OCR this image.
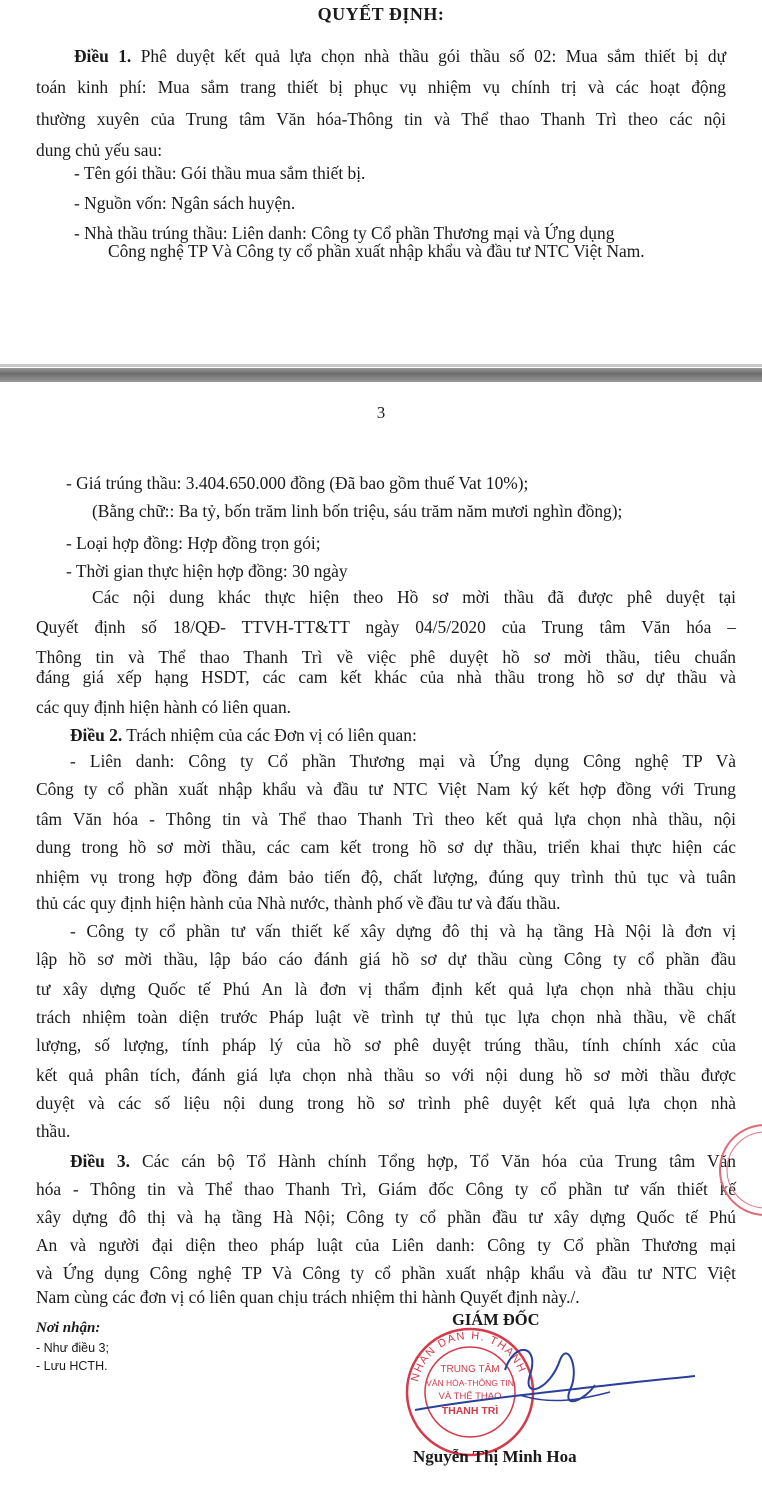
QUYẾT ĐỊNH:
Điều 1. Phê duyệt kết quả lựa chọn nhà thầu gói thầu số 02: Mua sắm thiết bị dự
toán kinh phí: Mua sắm trang thiết bị phục vụ nhiệm vụ chính trị và các hoạt động
thường xuyên của Trung tâm Văn hóa-Thông tin và Thể thao Thanh Trì theo các nội
dung chủ yếu sau:
- Tên gói thầu: Gói thầu mua sắm thiết bị.
- Nguồn vốn: Ngân sách huyện.
- Nhà thầu trúng thầu: Liên danh: Công ty Cổ phần Thương mại và Ứng dụng
Công nghệ TP Và Công ty cổ phần xuất nhập khẩu và đầu tư NTC Việt Nam.
3
- Giá trúng thầu: 3.404.650.000 đồng (Đã bao gồm thuế Vat 10%);
(Bằng chữ:: Ba tỷ, bốn trăm linh bốn triệu, sáu trăm năm mươi nghìn đồng);
- Loại hợp đồng: Hợp đồng trọn gói;
- Thời gian thực hiện hợp đồng: 30 ngày
Các nội dung khác thực hiện theo Hồ sơ mời thầu đã được phê duyệt tại
Quyết định số 18/QĐ- TTVH-TT&TT ngày 04/5/2020 của Trung tâm Văn hóa –
Thông tin và Thể thao Thanh Trì về việc phê duyệt hồ sơ mời thầu, tiêu chuẩn
đáng giá xếp hạng HSDT, các cam kết khác của nhà thầu trong hồ sơ dự thầu và
các quy định hiện hành có liên quan.
Điều 2. Trách nhiệm của các Đơn vị có liên quan:
- Liên danh: Công ty Cổ phần Thương mại và Ứng dụng Công nghệ TP Và
Công ty cổ phần xuất nhập khẩu và đầu tư NTC Việt Nam ký kết hợp đồng với Trung
tâm Văn hóa - Thông tin và Thể thao Thanh Trì theo kết quả lựa chọn nhà thầu, nội
dung trong hồ sơ mời thầu, các cam kết trong hồ sơ dự thầu, triển khai thực hiện các
nhiệm vụ trong hợp đồng đảm bảo tiến độ, chất lượng, đúng quy trình thủ tục và tuân
thủ các quy định hiện hành của Nhà nước, thành phố về đầu tư và đấu thầu.
- Công ty cổ phần tư vấn thiết kế xây dựng đô thị và hạ tầng Hà Nội là đơn vị
lập hồ sơ mời thầu, lập báo cáo đánh giá hồ sơ dự thầu cùng Công ty cổ phần đầu
tư xây dựng Quốc tế Phú An là đơn vị thẩm định kết quả lựa chọn nhà thầu chịu
trách nhiệm toàn diện trước Pháp luật về trình tự thủ tục lựa chọn nhà thầu, về chất
lượng, số lượng, tính pháp lý của hồ sơ phê duyệt trúng thầu, tính chính xác của
kết quả phân tích, đánh giá lựa chọn nhà thầu so với nội dung hồ sơ mời thầu được
duyệt và các số liệu nội dung trong hồ sơ trình phê duyệt kết quả lựa chọn nhà
thầu.
Điều 3. Các cán bộ Tổ Hành chính Tổng hợp, Tổ Văn hóa của Trung tâm Văn
hóa - Thông tin và Thể thao Thanh Trì, Giám đốc Công ty cổ phần tư vấn thiết kế
xây dựng đô thị và hạ tầng Hà Nội; Công ty cổ phần đầu tư xây dựng Quốc tế Phú
An và người đại diện theo pháp luật của Liên danh: Công ty Cổ phần Thương mại
và Ứng dụng Công nghệ TP Và Công ty cổ phần xuất nhập khẩu và đầu tư NTC Việt
Nam cùng các đơn vị có liên quan chịu trách nhiệm thi hành Quyết định này./.
Nơi nhận:
- Như điều 3;
- Lưu HCTH.
NHÂN DÂN H. THANH
TRUNG TÂM
VĂN HÓA-THÔNG TIN
VÀ THỂ THAO
THANH TRÌ
GIÁM ĐỐC
Nguyễn Thị Minh Hoa
